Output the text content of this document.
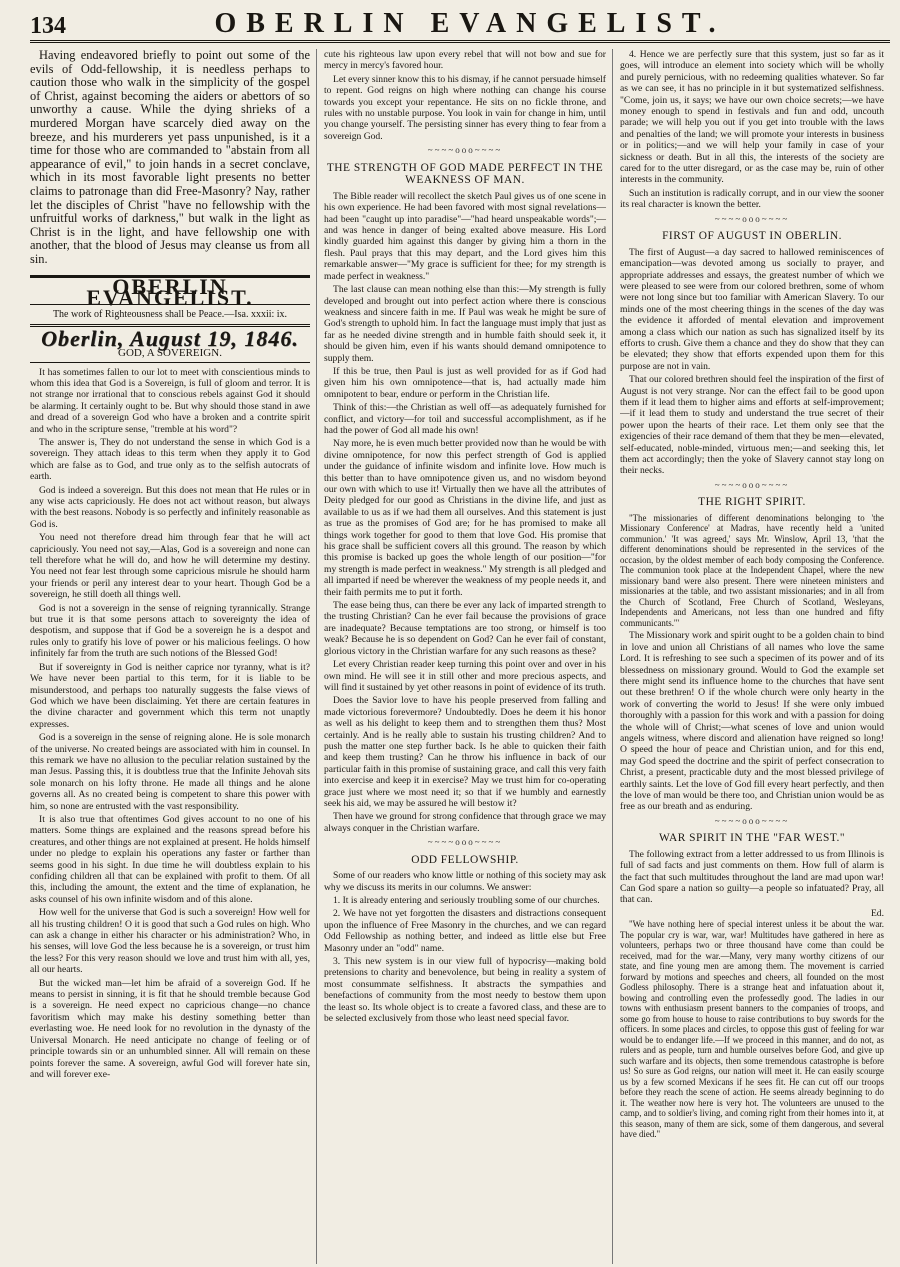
134	OBERLIN EVANGELIST.

Having endeavored briefly to point out some of the evils of Odd-fellowship, it is needless perhaps to caution those who walk in the simplicity of the gospel of Christ, against becoming the aiders or abettors of so unworthy a cause. While the dying shrieks of a murdered Morgan have scarcely died away on the breeze, and his murderers yet pass unpunished, is it a time for those who are commanded to "abstain from all appearance of evil," to join hands in a secret conclave, which in its most favorable light presents no better claims to patronage than did Free-Masonry? Nay, rather let the disciples of Christ "have no fellowship with the unfruitful works of darkness," but walk in the light as Christ is in the light, and have fellowship one with another, that the blood of Jesus may cleanse us from all sin.

OBERLIN EVANGELIST.
The work of Righteousness shall be Peace.—Isa. xxxii: ix.
Oberlin, August 19, 1846.
GOD, A SOVEREIGN.

It has sometimes fallen to our lot to meet with conscientious minds to whom this idea that God is a Sovereign, is full of gloom and terror. It is not strange nor irrational that to conscious rebels against God it should be alarming. It certainly ought to be. But why should those stand in awe and dread of a sovereign God who have a broken and a contrite spirit and who in the scripture sense, "tremble at his word"?

The answer is, They do not understand the sense in which God is a sovereign. They attach ideas to this term when they apply it to God which are false as to God, and true only as to the selfish autocrats of earth.

God is indeed a sovereign. But this does not mean that He rules or in any wise acts capriciously. He does not act without reason, but always with the best reasons. Nobody is so perfectly and infinitely reasonable as God is.

You need not therefore dread him through fear that he will act capriciously. You need not say,—Alas, God is a sovereign and none can tell therefore what he will do, and how he will determine my destiny. You need not fear lest through some capricious misrule he should harm your friends or peril any interest dear to your heart. Though God be a sovereign, he still doeth all things well.

God is not a sovereign in the sense of reigning tyrannically. Strange but true it is that some persons attach to sovereignty the idea of despotism, and suppose that if God be a sovereign he is a despot and rules only to gratify his love of power or his malicious feelings. O how infinitely far from the truth are such notions of the Blessed God!

But if sovereignty in God is neither caprice nor tyranny, what is it? We have never been partial to this term, for it is liable to be misunderstood, and perhaps too naturally suggests the false views of God which we have been disclaiming. Yet there are certain features in the divine character and government which this term not unaptly expresses.

God is a sovereign in the sense of reigning alone. He is sole monarch of the universe. No created beings are associated with him in counsel. In this remark we have no allusion to the peculiar relation sustained by the man Jesus. Passing this, it is doubtless true that the Infinite Jehovah sits sole monarch on his lofty throne. He made all things and he alone governs all. As no created being is competent to share this power with him, so none are entrusted with the vast responsibility.

It is also true that oftentimes God gives account to no one of his matters. Some things are explained and the reasons spread before his creatures, and other things are not explained at present. He holds himself under no pledge to explain his operations any faster or farther than seems good in his sight. In due time he will doubtless explain to his confiding children all that can be explained with profit to them. Of all this, including the amount, the extent and the time of explanation, he asks counsel of his own infinite wisdom and of this alone.

How well for the universe that God is such a sovereign! How well for all his trusting children! O it is good that such a God rules on high. Who can ask a change in either his character or his administration? Who, in his senses, will love God the less because he is a sovereign, or trust him the less? For this very reason should we love and trust him with all, yes, all our hearts.

But the wicked man—let him be afraid of a sovereign God. If he means to persist in sinning, it is fit that he should tremble because God is a sovereign. He need expect no capricious change—no chance favoritism which may make his destiny something better than everlasting woe. He need look for no revolution in the dynasty of the Universal Monarch. He need anticipate no change of feeling or of principle towards sin or an unhumbled sinner. All will remain on these points forever the same. A sovereign, awful God will forever hate sin, and will forever exe-

cute his righteous law upon every rebel that will not bow and sue for mercy in mercy's favored hour.

Let every sinner know this to his dismay, if he cannot persuade himself to repent. God reigns on high where nothing can change his course towards you except your repentance. He sits on no fickle throne, and rules with no unstable purpose. You look in vain for change in him, until you change yourself. The persisting sinner has every thing to fear from a sovereign God.

~~~~ooo~~~~
THE STRENGTH OF GOD MADE PERFECT IN THE WEAKNESS OF MAN.

The Bible reader will recollect the sketch Paul gives us of one scene in his own experience. He had been favored with most signal revelations—had been "caught up into paradise"—"had heard unspeakable words";—and was hence in danger of being exalted above measure. His Lord kindly guarded him against this danger by giving him a thorn in the flesh. Paul prays that this may depart, and the Lord gives him this remarkable answer—"My grace is sufficient for thee; for my strength is made perfect in weakness."

The last clause can mean nothing else than this:—My strength is fully developed and brought out into perfect action where there is conscious weakness and sincere faith in me. If Paul was weak he might be sure of God's strength to uphold him. In fact the language must imply that just as far as he needed divine strength and in humble faith should seek it, it should be given him, even if his wants should demand omnipotence to supply them.

If this be true, then Paul is just as well provided for as if God had given him his own omnipotence—that is, had actually made him omnipotent to bear, endure or perform in the Christian life.

Think of this:—the Christian as well off—as adequately furnished for conflict, and victory—for toil and successful accomplishment, as if he had the power of God all made his own!

Nay more, he is even much better provided now than he would be with divine omnipotence, for now this perfect strength of God is applied under the guidance of infinite wisdom and infinite love. How much is this better than to have omnipotence given us, and no wisdom beyond our own with which to use it! Virtually then we have all the attributes of Deity pledged for our good as Christians in the divine life, and just as available to us as if we had them all ourselves. And this statement is just as true as the promises of God are; for he has promised to make all things work together for good to them that love God. His promise that his grace shall be sufficient covers all this ground. The reason by which this promise is backed up goes the whole length of our position—"for my strength is made perfect in weakness." My strength is all pledged and all imparted if need be wherever the weakness of my people needs it, and their faith permits me to put it forth.

The ease being thus, can there be ever any lack of imparted strength to the trusting Christian? Can he ever fail because the provisions of grace are inadequate? Because temptations are too strong, or himself is too weak? Because he is so dependent on God? Can he ever fail of constant, glorious victory in the Christian warfare for any such reasons as these?

Let every Christian reader keep turning this point over and over in his own mind. He will see it in still other and more precious aspects, and will find it sustained by yet other reasons in point of evidence of its truth.

Does the Savior love to have his people preserved from falling and made victorious forevermore? Undoubtedly. Does he deem it his honor as well as his delight to keep them and to strengthen them thus? Most certainly. And is he really able to sustain his trusting children? And to push the matter one step further back. Is he able to quicken their faith and keep them trusting? Can he throw his influence in back of our particular faith in this promise of sustaining grace, and call this very faith into exercise and keep it in exercise? May we trust him for co-operating grace just where we most need it; so that if we humbly and earnestly seek his aid, we may be assured he will bestow it?

Then have we ground for strong confidence that through grace we may always conquer in the Christian warfare.

~~~~ooo~~~~
ODD FELLOWSHIP.

Some of our readers who know little or nothing of this society may ask why we discuss its merits in our columns. We answer:

1. It is already entering and seriously troubling some of our churches.

2. We have not yet forgotten the disasters and distractions consequent upon the influence of Free Masonry in the churches, and we can regard Odd Fellowship as nothing better, and indeed as little else but Free Masonry under an "odd" name.

3. This new system is in our view full of hypocrisy—making bold pretensions to charity and benevolence, but being in reality a system of most consummate selfishness. It abstracts the sympathies and benefactions of community from the most needy to bestow them upon the least so. Its whole object is to create a favored class, and these are to be selected exclusively from those who least need special favor.

4. Hence we are perfectly sure that this system, just so far as it goes, will introduce an element into society which will be wholly and purely pernicious, with no redeeming qualities whatever. So far as we can see, it has no principle in it but systematized selfishness. "Come, join us, it says; we have our own choice secrets;—we have money enough to spend in festivals and fun and odd, uncouth parade; we will help you out if you get into trouble with the laws and penalties of the land; we will promote your interests in business or in politics;—and we will help your family in case of your sickness or death. But in all this, the interests of the society are cared for to the utter disregard, or as the case may be, ruin of other interests in the community.

Such an institution is radically corrupt, and in our view the sooner its real character is known the better.

~~~~ooo~~~~
FIRST OF AUGUST IN OBERLIN.

The first of August—a day sacred to hallowed reminiscences of emancipation—was devoted among us socially to prayer, and appropriate addresses and essays, the greatest number of which we were pleased to see were from our colored brethren, some of whom were not long since but too familiar with American Slavery. To our minds one of the most cheering things in the scenes of the day was the evidence it afforded of mental elevation and improvement among a class which our nation as such has signalized itself by its efforts to crush. Give them a chance and they do show that they can be elevated; they show that efforts expended upon them for this purpose are not in vain.

That our colored brethren should feel the inspiration of the first of August is not very strange. Nor can the effect fail to be good upon them if it lead them to higher aims and efforts at self-improvement;—if it lead them to study and understand the true secret of their power upon the hearts of their race. Let them only see that the exigencies of their race demand of them that they be men—elevated, self-educated, noble-minded, virtuous men;—and seeking this, let them act accordingly; then the yoke of Slavery cannot stay long on their necks.

~~~~ooo~~~~
THE RIGHT SPIRIT.

"The missionaries of different denominations belonging to 'the Missionary Conference' at Madras, have recently held a 'united communion.' 'It was agreed,' says Mr. Winslow, April 13, 'that the different denominations should be represented in the services of the occasion, by the oldest member of each body composing the Conference. The communion took place at the Independent Chapel, where the new missionary band were also present. There were nineteen ministers and missionaries at the table, and two assistant missionaries; and in all from the Church of Scotland, Free Church of Scotland, Wesleyans, Independents and Americans, not less than one hundred and fifty communicants.'"

The Missionary work and spirit ought to be a golden chain to bind in love and union all Christians of all names who love the same Lord. It is refreshing to see such a specimen of its power and of its blessedness on missionary ground. Would to God the example set there might send its influence home to the churches that have sent out these brethren! O if the whole church were only hearty in the work of converting the world to Jesus! If she were only imbued thoroughly with a passion for this work and with a passion for doing the whole will of Christ;—what scenes of love and union would angels witness, where discord and alienation have reigned so long! O speed the hour of peace and Christian union, and for this end, may God speed the doctrine and the spirit of perfect consecration to Christ, a present, practicable duty and the most blessed privilege of earthly saints. Let the love of God fill every heart perfectly, and then the love of man would be there too, and Christian union would be as free as our breath and as enduring.

~~~~ooo~~~~
WAR SPIRIT IN THE "FAR WEST."

The following extract from a letter addressed to us from Illinois is full of sad facts and just comments on them. How full of alarm is the fact that such multitudes throughout the land are mad upon war! Can God spare a nation so guilty—a people so infatuated? Pray, all that can.

Ed.

"We have nothing here of special interest unless it be about the war. The popular cry is war, war, war! Multitudes have gathered in here as volunteers, perhaps two or three thousand have come than could be received, mad for the war.—Many, very many worthy citizens of our state, and fine young men are among them. The movement is carried forward by motions and speeches and cheers, all founded on the most Godless philosophy. There is a strange heat and infatuation about it, bowing and controlling even the professedly good. The ladies in our towns with enthusiasm present banners to the companies of troops, and some go from house to house to raise contributions to buy swords for the officers. In some places and circles, to oppose this gust of feeling for war would be to endanger life.—If we proceed in this manner, and do not, as rulers and as people, turn and humble ourselves before God, and give up such warfare and its objects, then some tremendous catastrophe is before us! So sure as God reigns, our nation will meet it. He can easily scourge us by a few scorned Mexicans if he sees fit. He can cut off our troops before they reach the scene of action. He seems already beginning to do it. The weather now here is very hot. The volunteers are unused to the camp, and to soldier's living, and coming right from their homes into it, at this season, many of them are sick, some of them dangerous, and several have died."
